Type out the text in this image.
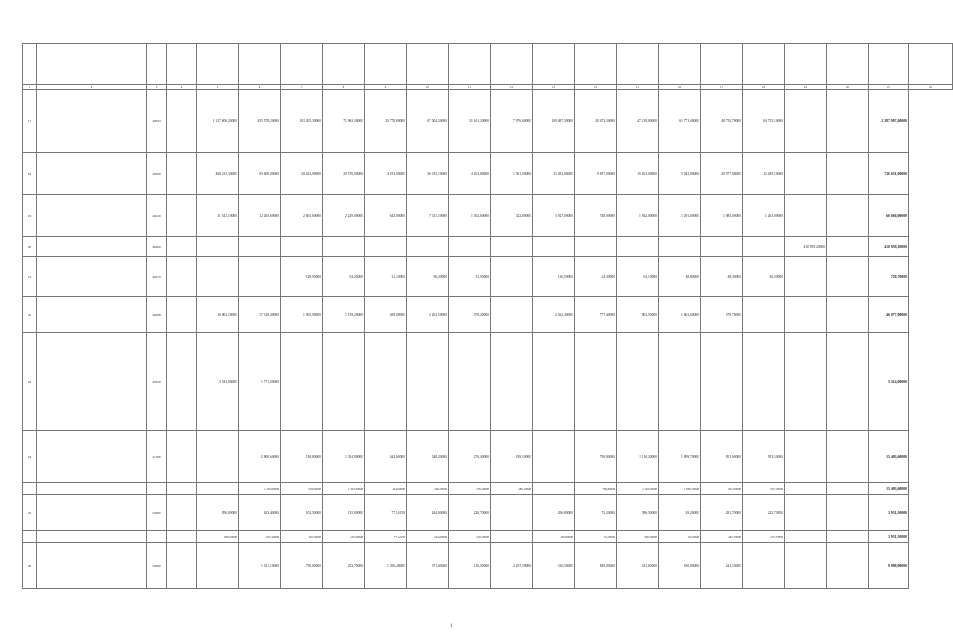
1	2	3	4	5	6	7	8	9	10	11	12	13	14	15	16	17	18	19	20	21	22
17		40203		1 127 606,20000	435 578,20000	103 205,30000	71 962,30000	20 778,80000	67 304,20000	31 161,20000	7 976,60000	109 487,30000	28 473,30000	47 218,80000	61 771,40000	48 735,70000	84 755,10000			2 287 907,40000	
18		40209		468 415,30000	93 608,00000	20 422,90000	29 576,90000	4 193,00000	36 335,10000	4 253,80000	1 561,00000	23 282,00000	9 837,00000	15 453,00000	5 942,80000	20 977,80000	12 459,10000			736 651,00000	
19		40229		31 541,10000	12 265,60000	2 603,60000	2 229,00000	645,00000	7 311,10000	1 052,60000	322,00000	3 927,00000	748,00000	1 942,00000	1 291,00000	1 085,00000	1 263,00000			66 666,00000	
20		40269																410 959,20000		410 959,20000	
21		40279				128,50000	63,20000	21,10000	96,20000	31,50000		136,50000	24,30000	63,10000	48,80000	48,30000	36,50000			720,70000	
22		40288		16 802,50000	17 310,40000	1 505,90000	1 159,20000	458,00000	2 202,50000	378,20000		2 022,40000	777,40000	902,50000	1 601,60000	579,70000				46 077,90000	
23		40329		3 543,00000	1 771,00000															5 314,00000	
24		51180			2 800,60000	518,80000	1 334,90000	444,60000	348,20000	276,40000	189,10000		790,80000	1 118,20000	1 899,70000	951,60000	953,10000			15 403,60000	
					1 250,60000	518,90000	1 334,90000	444,60000	348,20000	276,40000	189,10000		790,80000	1 118,20000	1 899,70000	951,60000	953,10000			15 403,60000	
25		52600		856,00000	623,40000	102,50000	135,90000	77,14150	264,00000	220,70000		456,80000	72,20000	396,50000	29,20000	281,70000	225,73850			3 931,50000	
				856,00000	623,40000	102,50000	135,90000	77,14150	264,00000	220,70000		456,80000	72,20000	396,50000	29,20000	281,70000	225,73850			3 931,50000	
26		59300			1 521,10000	750,00000	252,70000	1 356,20000	371,60000	136,50000	2 257,50000	316,50000	820,00000	331,60000	630,80000	241,10000				9 980,90000	
1
